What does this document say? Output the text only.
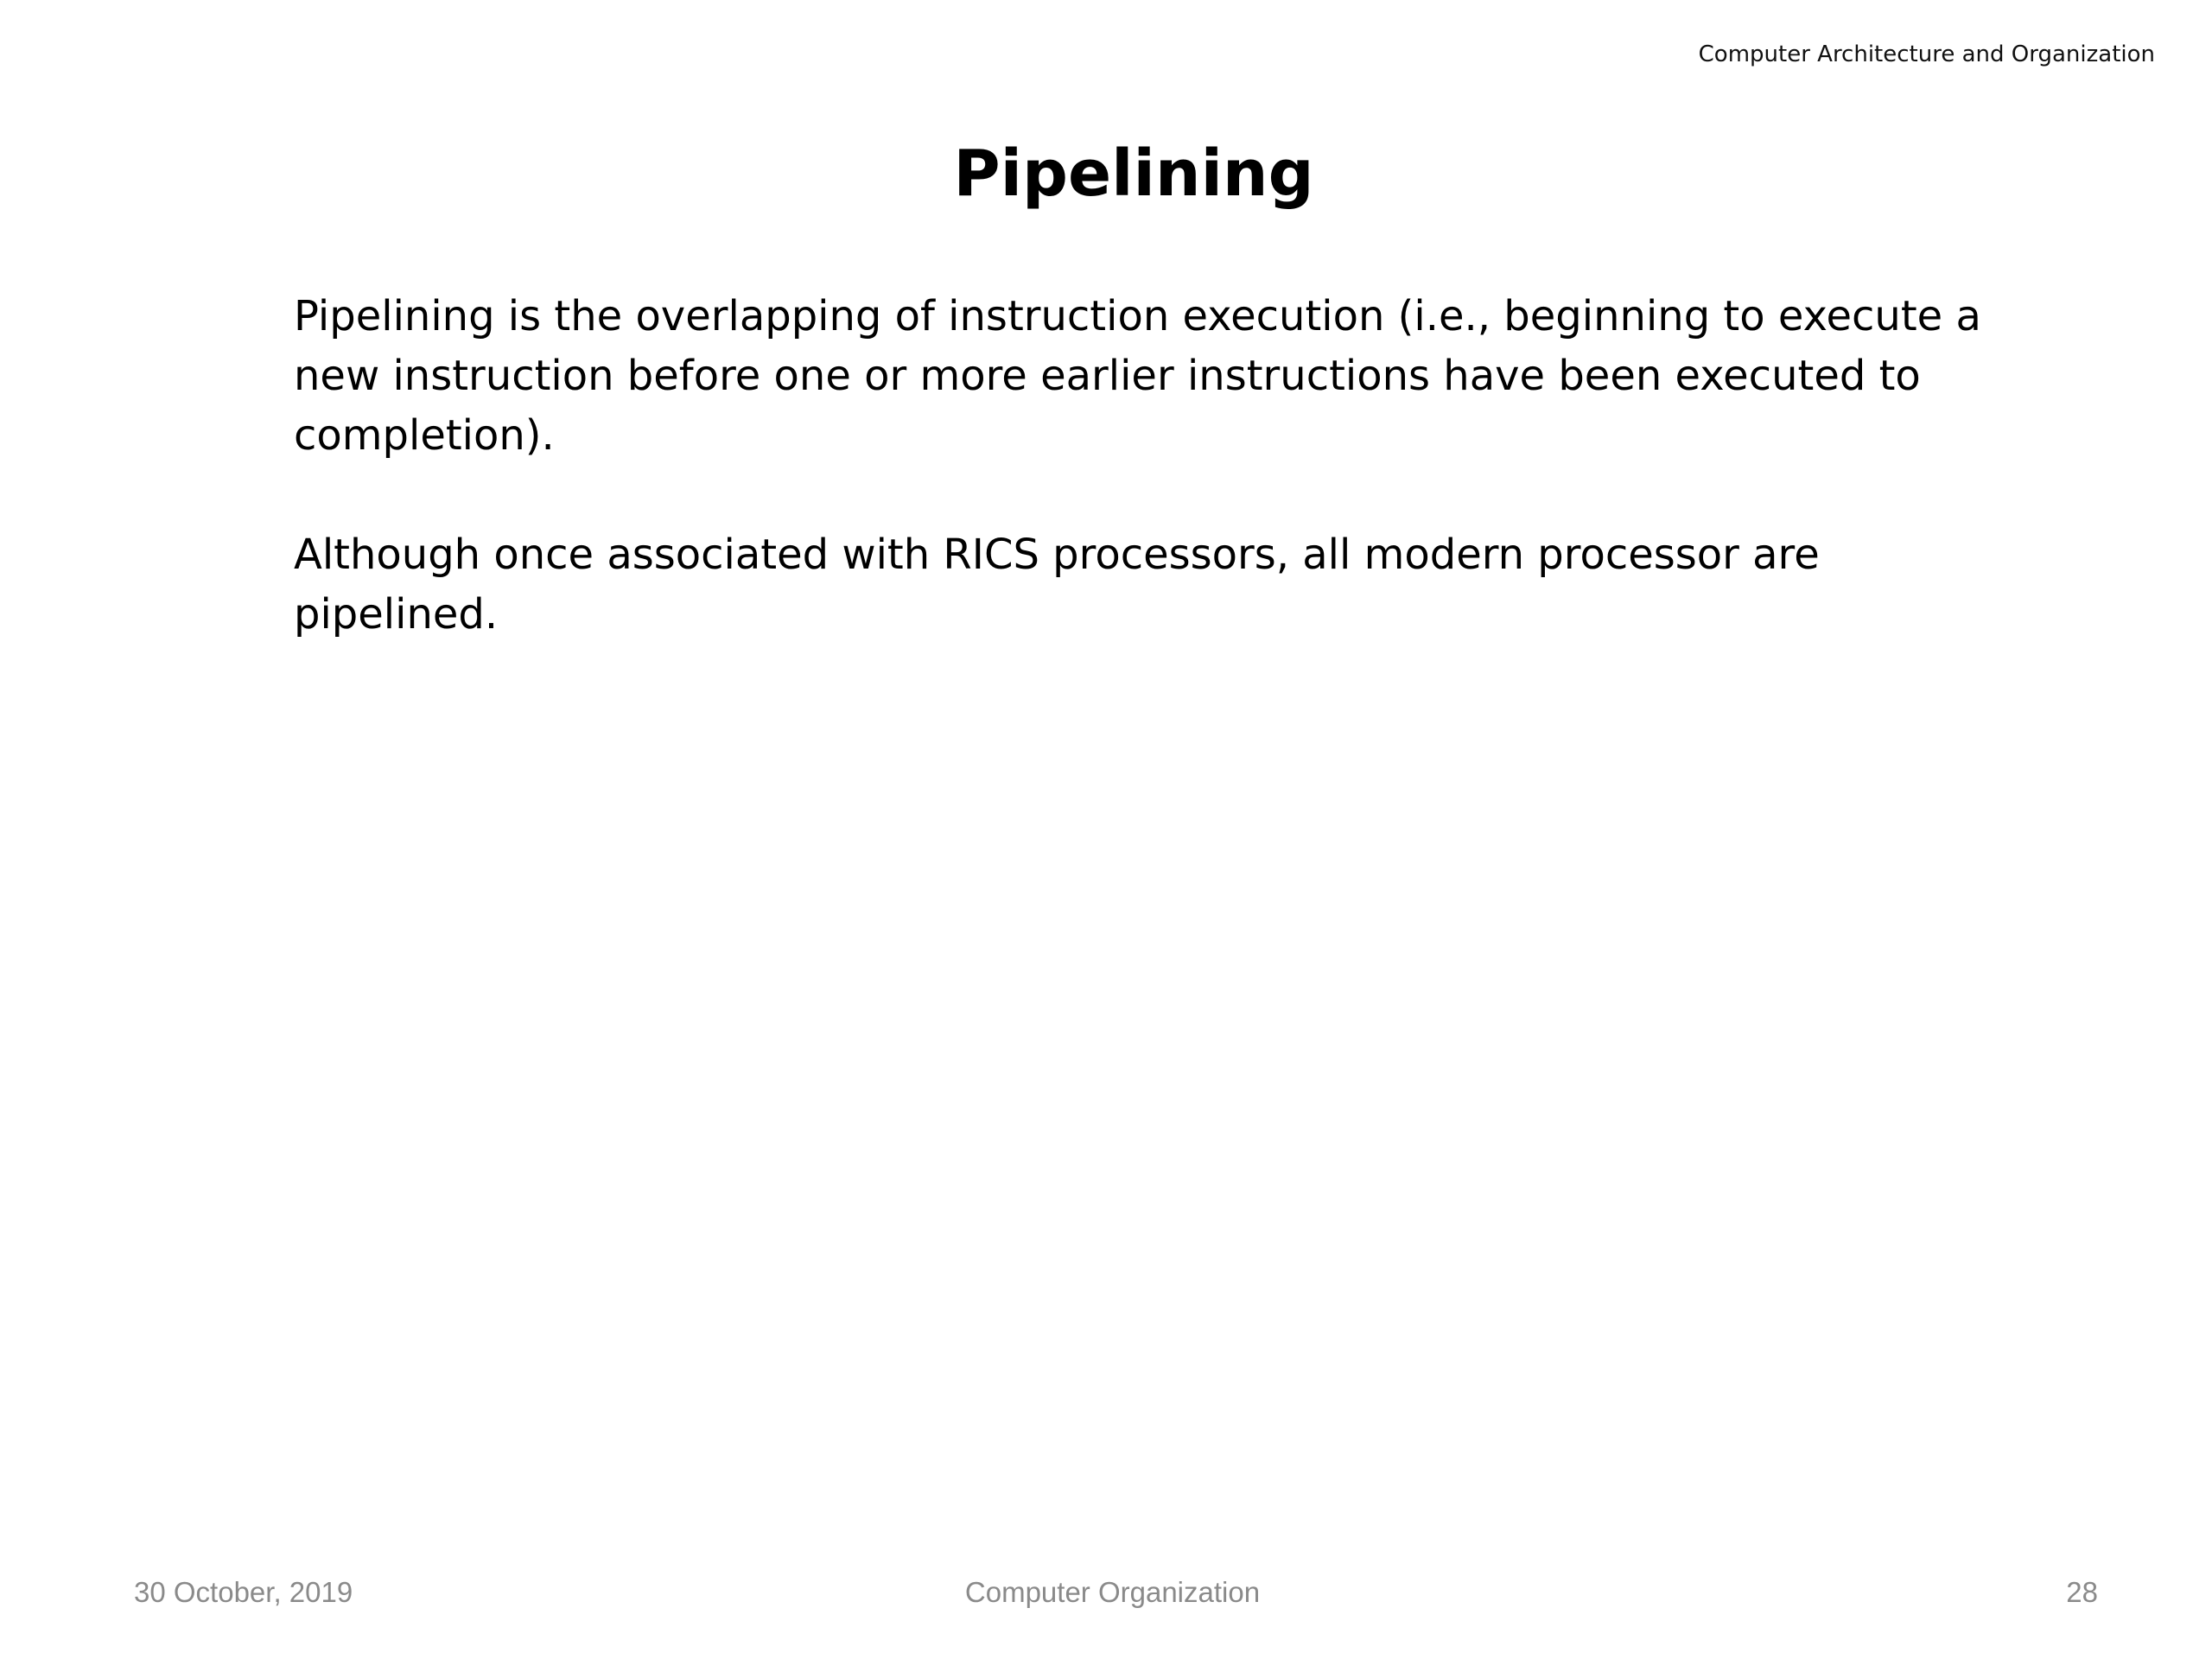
Computer Architecture and Organization
Pipelining

Pipelining is the overlapping of instruction execution (i.e., beginning to execute a new instruction before one or more earlier instructions have been executed to completion).

Although once associated with RICS processors, all modern processor are pipelined.

30 October, 2019	Computer Organization	28
